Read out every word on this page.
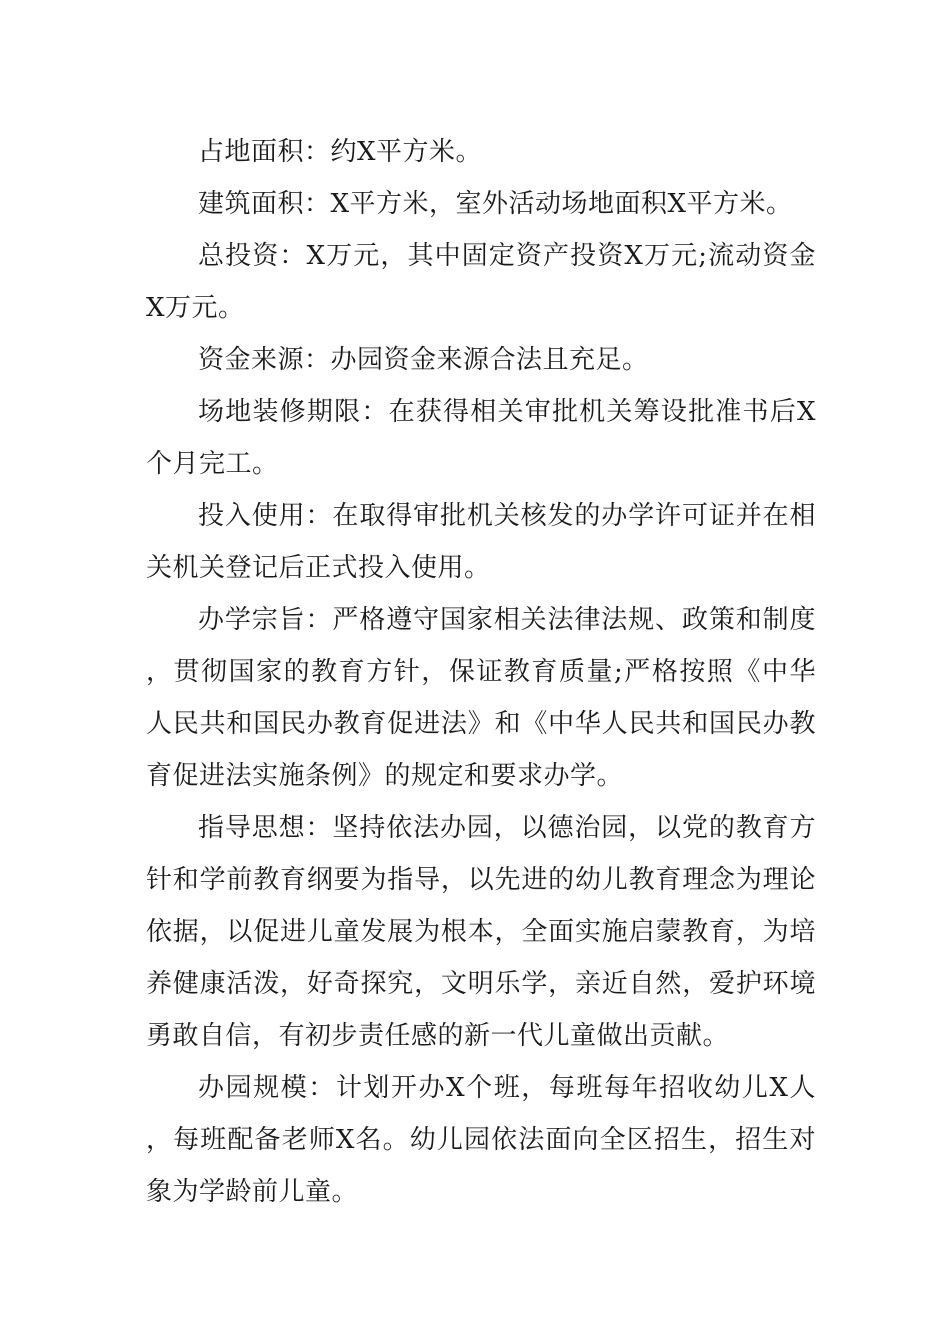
占地面积：约X平方米。

建筑面积：X平方米，室外活动场地面积X平方米。

总投资：X万元，其中固定资产投资X万元;流动资金X万元。

资金来源：办园资金来源合法且充足。

场地装修期限：在获得相关审批机关筹设批准书后X个月完工。

投入使用：在取得审批机关核发的办学许可证并在相关机关登记后正式投入使用。

办学宗旨：严格遵守国家相关法律法规、政策和制度，贯彻国家的教育方针，保证教育质量;严格按照《中华人民共和国民办教育促进法》和《中华人民共和国民办教育促进法实施条例》的规定和要求办学。

指导思想：坚持依法办园，以德治园，以党的教育方针和学前教育纲要为指导，以先进的幼儿教育理念为理论依据，以促进儿童发展为根本，全面实施启蒙教育，为培养健康活泼，好奇探究，文明乐学，亲近自然，爱护环境勇敢自信，有初步责任感的新一代儿童做出贡献。

办园规模：计划开办X个班，每班每年招收幼儿X人，每班配备老师X名。幼儿园依法面向全区招生，招生对象为学龄前儿童。
